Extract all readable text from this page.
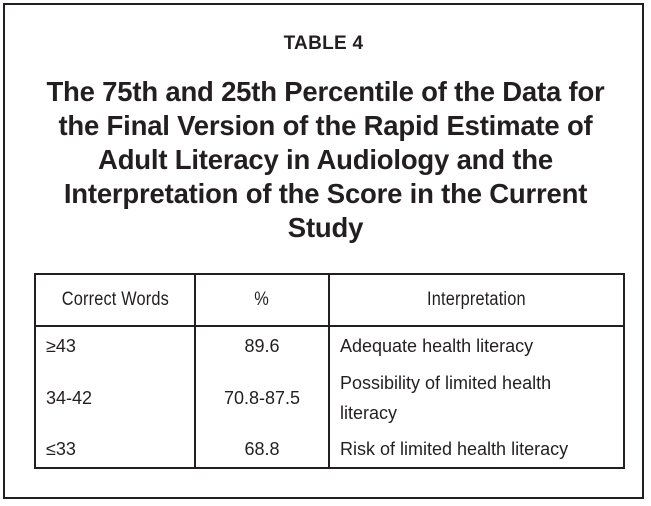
TABLE 4
The 75th and 25th Percentile of the Data for the Final Version of the Rapid Estimate of Adult Literacy in Audiology and the Interpretation of the Score in the Current Study
Correct Words	%	Interpretation
≥43	89.6	Adequate health literacy
34-42	70.8-87.5	Possibility of limited health literacy
≤33	68.8	Risk of limited health literacy
